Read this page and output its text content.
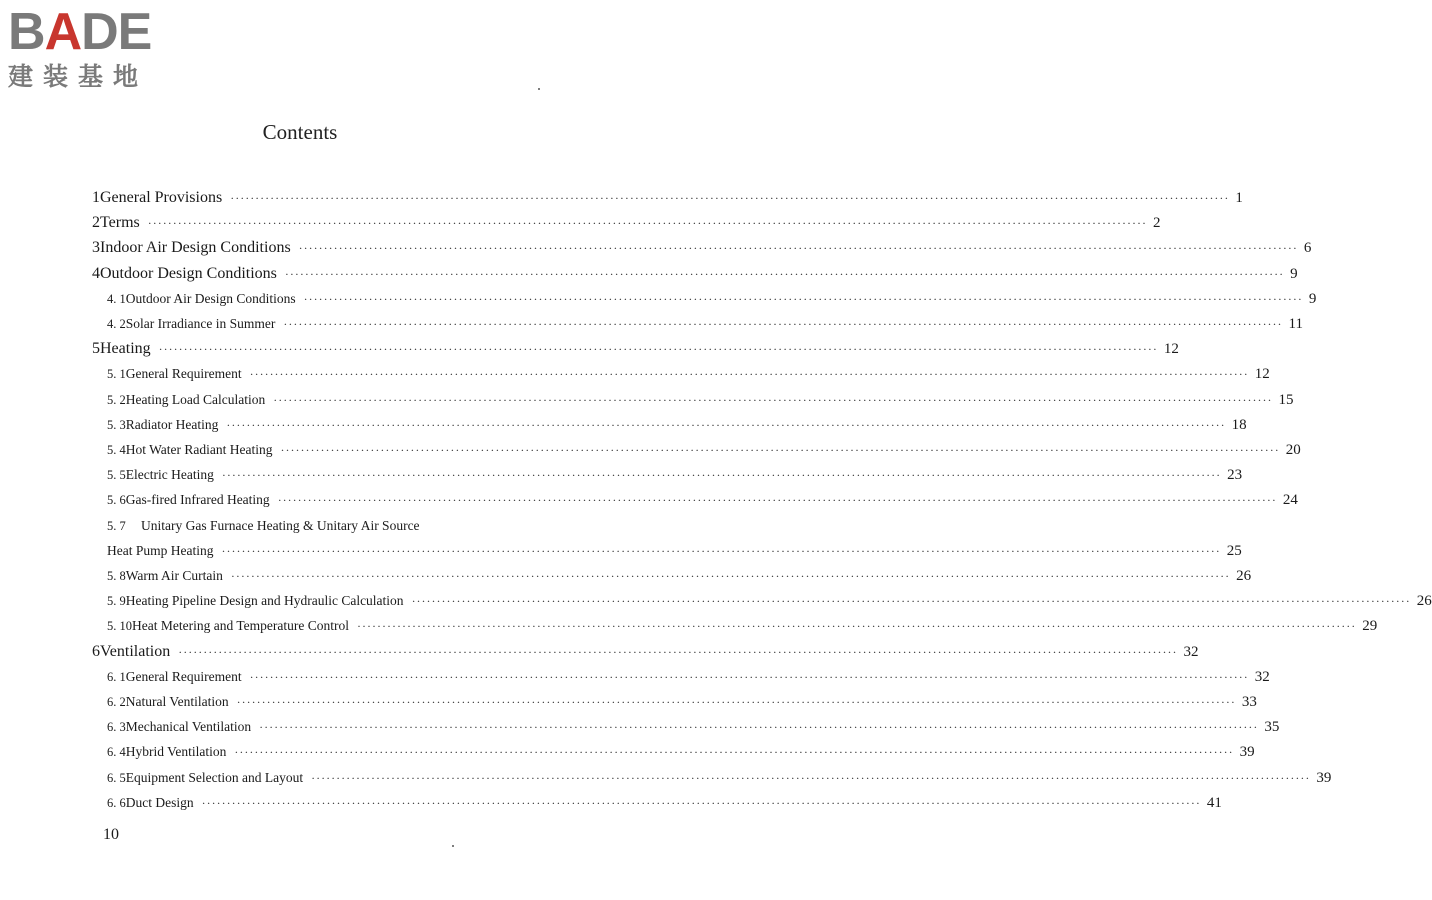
BADE
建装基地
Contents
1 General Provisions ········································································································································································································ 1
2 Terms ········································································································································································································ 2
3 Indoor Air Design Conditions ········································································································································································································ 6
4 Outdoor Design Conditions ········································································································································································································ 9
4. 1 Outdoor Air Design Conditions ········································································································································································································ 9
4. 2 Solar Irradiance in Summer ········································································································································································································ 11
5 Heating ········································································································································································································ 12
5. 1 General Requirement ········································································································································································································ 12
5. 2 Heating Load Calculation ········································································································································································································ 15
5. 3 Radiator Heating ········································································································································································································ 18
5. 4 Hot Water Radiant Heating ········································································································································································································ 20
5. 5 Electric Heating ········································································································································································································ 23
5. 6 Gas-fired Infrared Heating ········································································································································································································ 24
5. 7	Unitary Gas Furnace Heating & Unitary Air Source
Heat Pump Heating ········································································································································································································ 25
5. 8 Warm Air Curtain ········································································································································································································ 26
5. 9 Heating Pipeline Design and Hydraulic Calculation ········································································································································································································ 26
5. 10 Heat Metering and Temperature Control ········································································································································································································ 29
6 Ventilation ········································································································································································································ 32
6. 1 General Requirement ········································································································································································································ 32
6. 2 Natural Ventilation ········································································································································································································ 33
6. 3 Mechanical Ventilation ········································································································································································································ 35
6. 4 Hybrid Ventilation ········································································································································································································ 39
6. 5 Equipment Selection and Layout ········································································································································································································ 39
6. 6 Duct Design ········································································································································································································ 41
10
